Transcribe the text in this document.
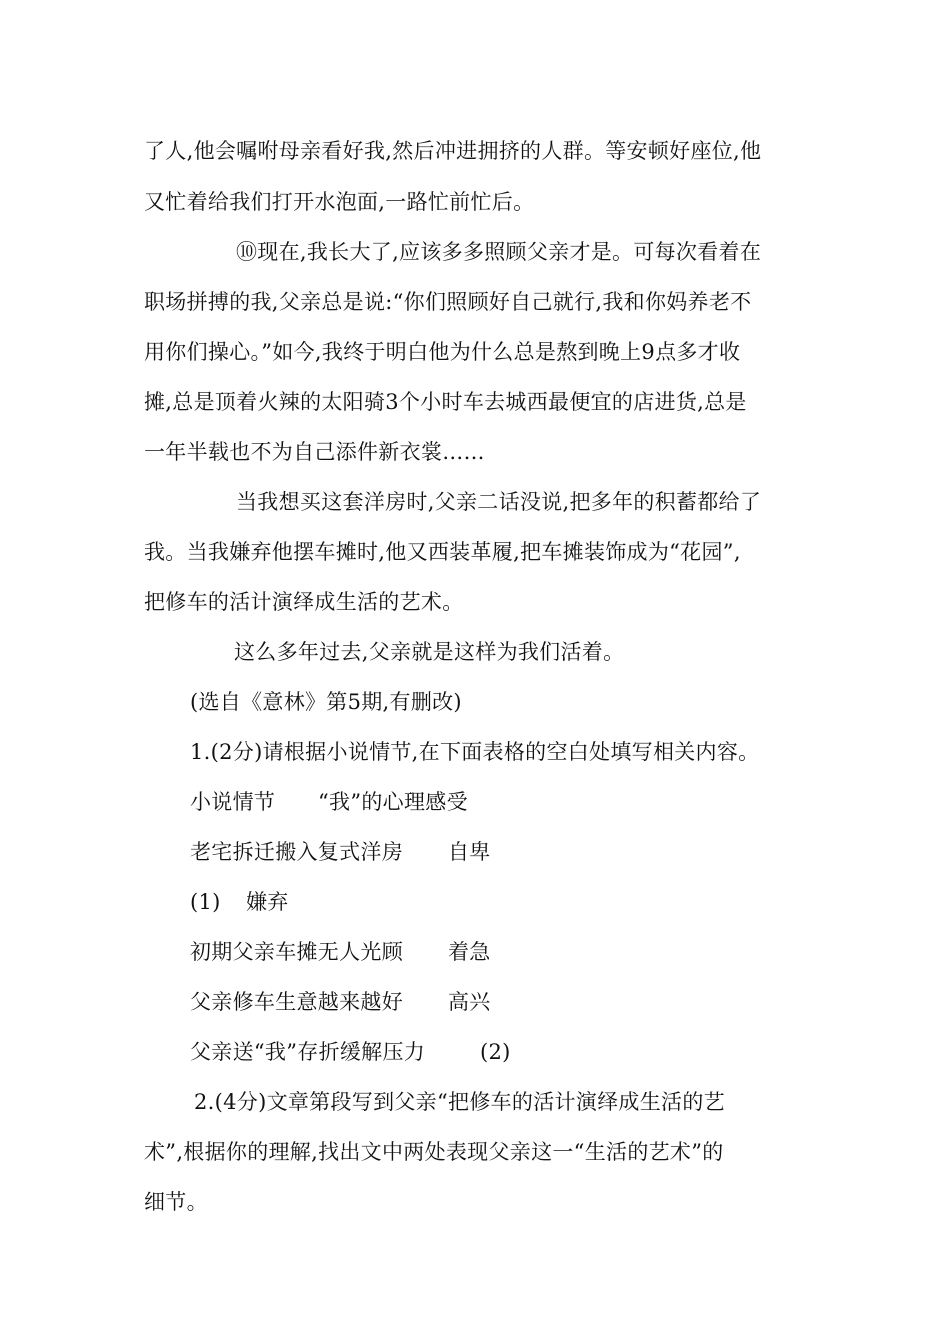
了人,他会嘱咐母亲看好我,然后冲进拥挤的人群。等安顿好座位,他
又忙着给我们打开水泡面,一路忙前忙后。
⑩现在,我长大了,应该多多照顾父亲才是。可每次看着在
职场拼搏的我,父亲总是说:“你们照顾好自己就行,我和你妈养老不
用你们操心。”如今,我终于明白他为什么总是熬到晚上9点多才收
摊,总是顶着火辣的太阳骑3个小时车去城西最便宜的店进货,总是
一年半载也不为自己添件新衣裳……
当我想买这套洋房时,父亲二话没说,把多年的积蓄都给了
我。当我嫌弃他摆车摊时,他又西装革履,把车摊装饰成为“花园”,
把修车的活计演绎成生活的艺术。
这么多年过去,父亲就是这样为我们活着。
(选自《意林》第5期,有删改)
1.(2分)请根据小说情节,在下面表格的空白处填写相关内容。
小说情节 “我”的心理感受
老宅拆迁搬入复式洋房 自卑
(1) 嫌弃
初期父亲车摊无人光顾 着急
父亲修车生意越来越好 高兴
父亲送“我”存折缓解压力	(2)
2.(4分)文章第段写到父亲“把修车的活计演绎成生活的艺
术”,根据你的理解,找出文中两处表现父亲这一“生活的艺术”的
细节。
